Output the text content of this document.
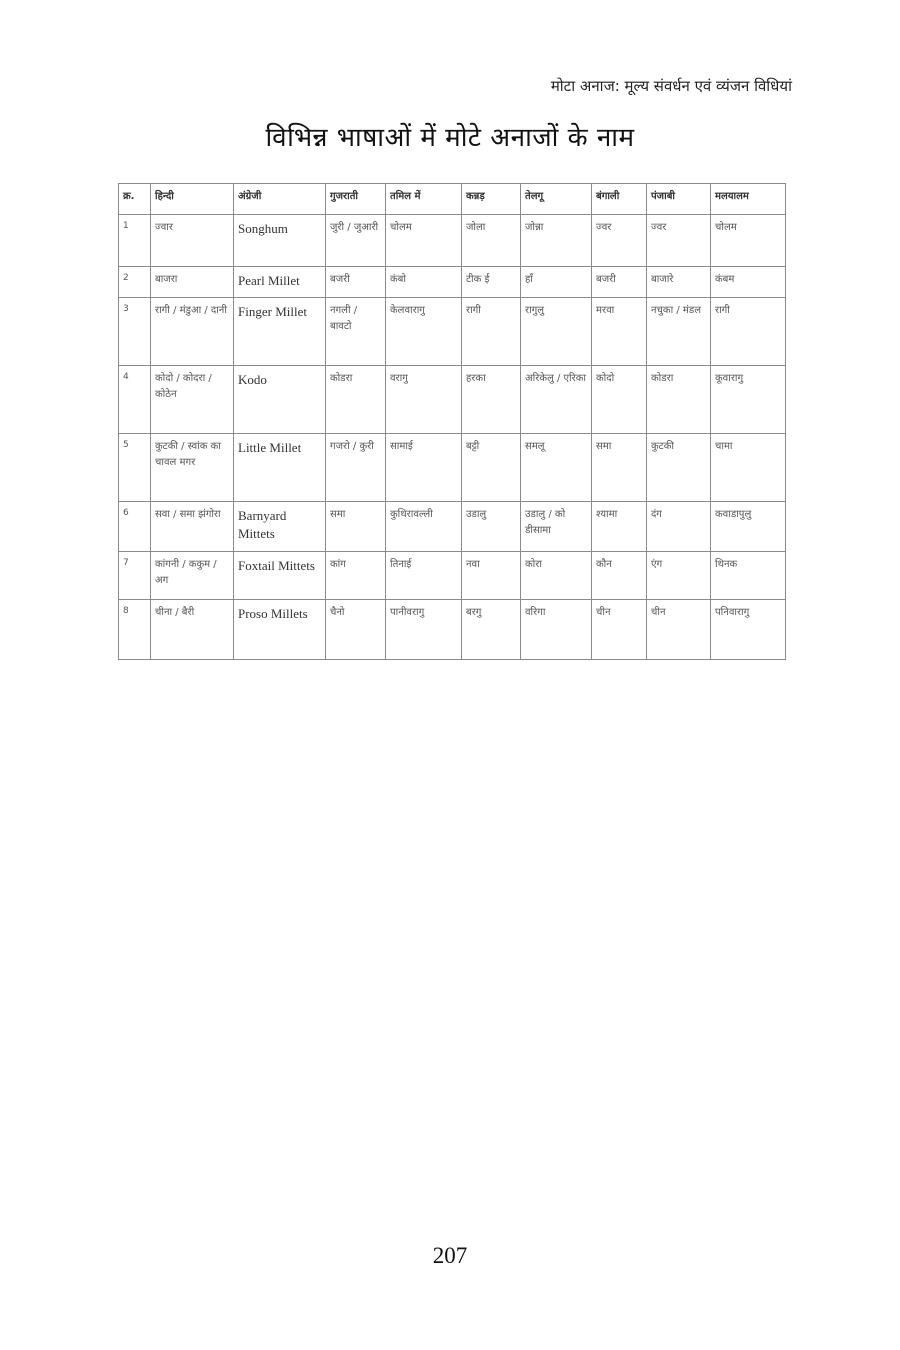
मोटा अनाज: मूल्य संवर्धन एवं व्यंजन विधियां
विभिन्न भाषाओं में मोटे अनाजों के नाम
क्र.	हिन्दी	अंग्रेजी	गुजराती	तमिल में	कन्नड़	तेलगू	बंगाली	पंजाबी	मलयालम
1	ज्वार	Songhum	जुरी / जुआरी	चोलम	जोला	जोन्ना	ज्वर	ज्वर	चोलम
2	बाजरा	Pearl Millet	बजरी	कंबो	टीक ई	हाँ	बजरी	बाजारे	कंबम
3	रागी / मंडुआ / दानी	Finger Millet	नगली / बावटो	केलवारागु	रागी	रागुलु	मरवा	नचुका / मंडल	रागी
4	कोदो / कोदरा / कोठेन	Kodo	कोडरा	वरागु	हरका	अरिकेलु / एरिका	कोदो	कोडरा	कूवारागु
5	कुटकी / स्वांक का चावल मगर	Little Millet	गजरो / कुरी	सामाई	बट्टी	समलू	समा	कुटकी	चामा
6	सवा / समा झंगोरा	Barnyard Mittets	समा	कुथिरावल्ली	उडालु	उडालु / को डीसामा	श्यामा	दंग	कवाडापुलु
7	कांगनी / ककुम / अग	Foxtail Mittets	कांग	तिनाई	नवा	कोरा	कौन	एंग	थिनक
8	चीना / बैरी	Proso Millets	चैनो	पानीवरागु	बरगु	वरिगा	चीन	चीन	पनिवारागु
207
